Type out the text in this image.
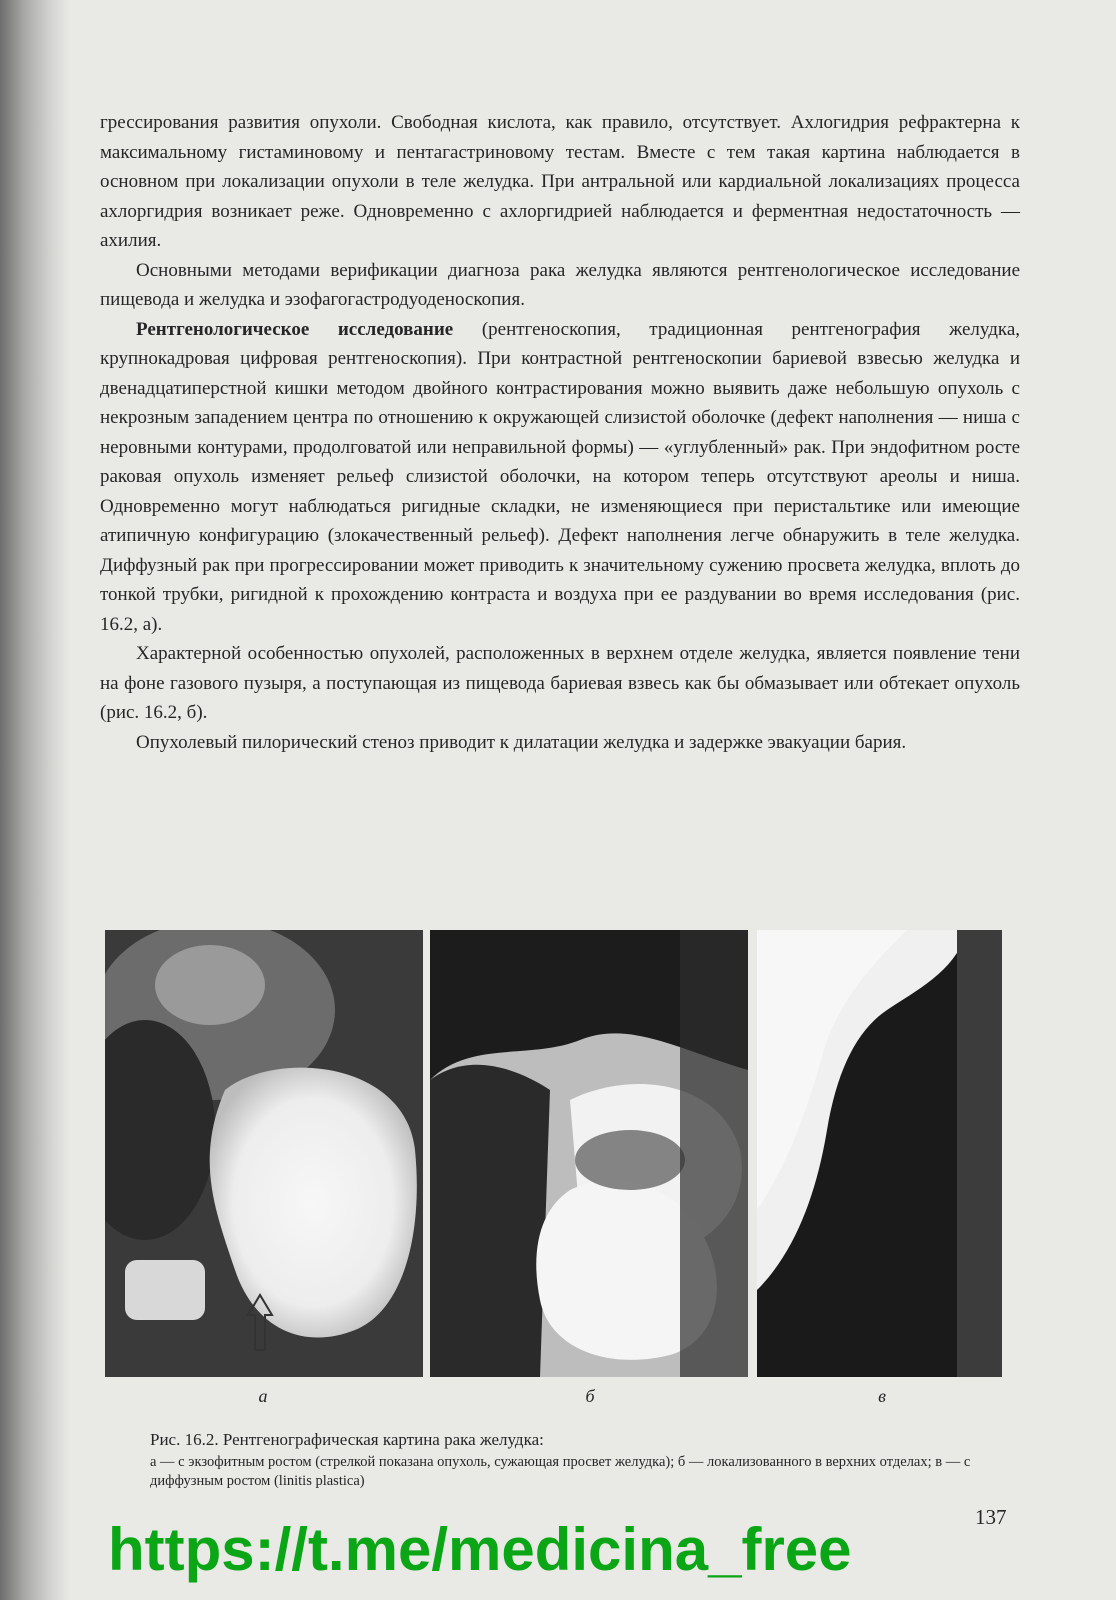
грессирования развития опухоли. Свободная кислота, как правило, отсутствует. Ахлогидрия рефрактерна к максимальному гистаминовому и пентагастриновому тестам. Вместе с тем такая картина наблюдается в основном при локализации опухоли в теле желудка. При антральной или кардиальной локализациях процесса ахлоргидрия возникает реже. Одновременно с ахлоргидрией наблюдается и ферментная недостаточность — ахилия.

Основными методами верификации диагноза рака желудка являются рентгенологическое исследование пищевода и желудка и эзофагогастродуоденоскопия.

Рентгенологическое исследование (рентгеноскопия, традиционная рентгенография желудка, крупнокадровая цифровая рентгеноскопия). При контрастной рентгеноскопии бариевой взвесью желудка и двенадцатиперстной кишки методом двойного контрастирования можно выявить даже небольшую опухоль с некрозным западением центра по отношению к окружающей слизистой оболочке (дефект наполнения — ниша с неровными контурами, продолговатой или неправильной формы) — «углубленный» рак. При эндофитном росте раковая опухоль изменяет рельеф слизистой оболочки, на котором теперь отсутствуют ареолы и ниша. Одновременно могут наблюдаться ригидные складки, не изменяющиеся при перистальтике или имеющие атипичную конфигурацию (злокачественный рельеф). Дефект наполнения легче обнаружить в теле желудка. Диффузный рак при прогрессировании может приводить к значительному сужению просвета желудка, вплоть до тонкой трубки, ригидной к прохождению контраста и воздуха при ее раздувании во время исследования (рис. 16.2, а).

Характерной особенностью опухолей, расположенных в верхнем отделе желудка, является появление тени на фоне газового пузыря, а поступающая из пищевода бариевая взвесь как бы обмазывает или обтекает опухоль (рис. 16.2, б).

Опухолевый пилорический стеноз приводит к дилатации желудка и задержке эвакуации бария.

а	б	в
Рис. 16.2. Рентгенографическая картина рака желудка:
а — с экзофитным ростом (стрелкой показана опухоль, сужающая просвет желудка); б — локализованного в верхних отделах; в — с диффузным ростом (linitis plastica)
137
https://t.me/medicina_free
